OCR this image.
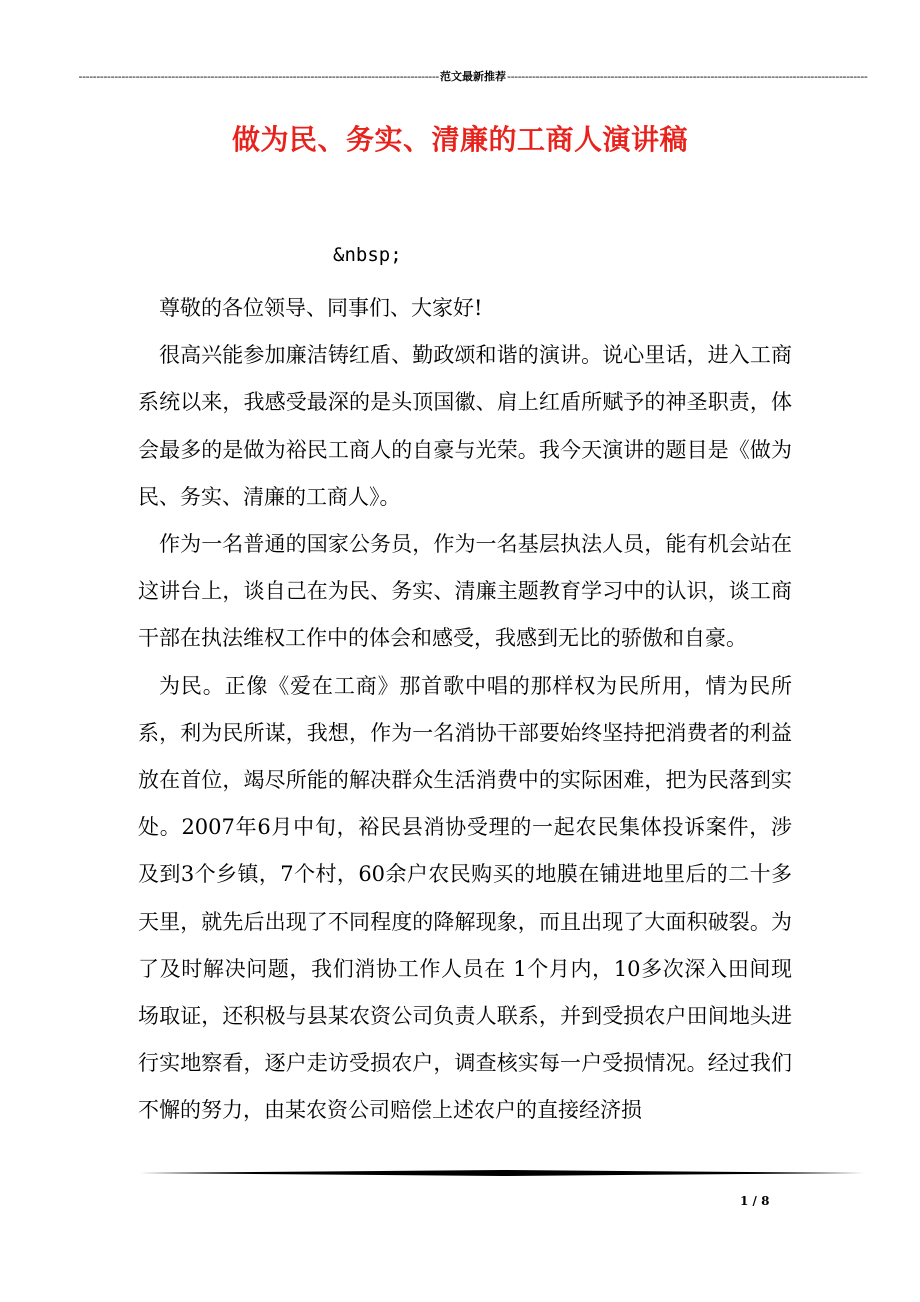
-----------------------------------------------------------------------------------------------------范文最新推荐-----------------------------------------------------------------------------------------------------
做为民、务实、清廉的工商人演讲稿
&nbsp;

尊敬的各位领导、同事们、大家好!

很高兴能参加廉洁铸红盾、勤政颂和谐的演讲。说心里话，进入工商系统以来，我感受最深的是头顶国徽、肩上红盾所赋予的神圣职责，体会最多的是做为裕民工商人的自豪与光荣。我今天演讲的题目是《做为民、务实、清廉的工商人》。

作为一名普通的国家公务员，作为一名基层执法人员，能有机会站在这讲台上，谈自己在为民、务实、清廉主题教育学习中的认识，谈工商干部在执法维权工作中的体会和感受，我感到无比的骄傲和自豪。

为民。正像《爱在工商》那首歌中唱的那样权为民所用，情为民所系，利为民所谋，我想，作为一名消协干部要始终坚持把消费者的利益放在首位，竭尽所能的解决群众生活消费中的实际困难，把为民落到实处。2007年6月中旬，裕民县消协受理的一起农民集体投诉案件，涉及到3个乡镇，7个村，60余户农民购买的地膜在铺进地里后的二十多天里，就先后出现了不同程度的降解现象，而且出现了大面积破裂。为了及时解决问题，我们消协工作人员在 1个月内，10多次深入田间现场取证，还积极与县某农资公司负责人联系，并到受损农户田间地头进行实地察看，逐户走访受损农户，调查核实每一户受损情况。经过我们不懈的努力，由某农资公司赔偿上述农户的直接经济损

1 / 8
